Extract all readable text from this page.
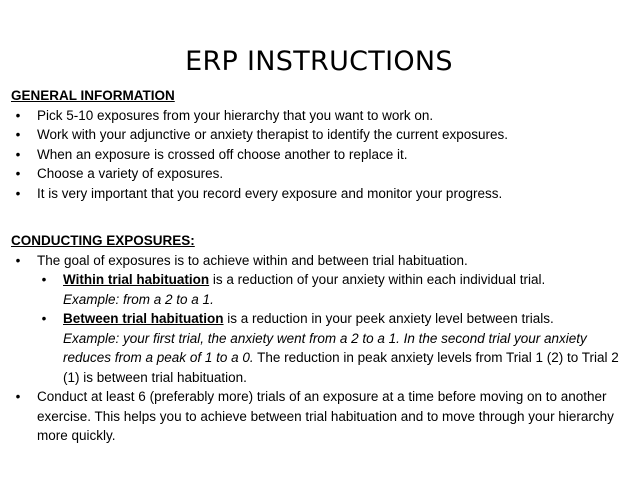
ERP INSTRUCTIONS
GENERAL INFORMATION
•	Pick 5-10 exposures from your hierarchy that you want to work on.
•	Work with your adjunctive or anxiety therapist to identify the current exposures.
•	When an exposure is crossed off choose another to replace it.
•	Choose a variety of exposures.
•	It is very important that you record every exposure and monitor your progress.
CONDUCTING EXPOSURES:
•	The goal of exposures is to achieve within and between trial habituation.
•	Within trial habituation is a reduction of your anxiety within each individual trial.
Example: from a 2 to a 1.
•	Between trial habituation is a reduction in your peek anxiety level between trials.
Example: your first trial, the anxiety went from a 2 to a 1. In the second trial your anxiety reduces from a peak of 1 to a 0. The reduction in peak anxiety levels from Trial 1 (2) to Trial 2 (1) is between trial habituation.
•	Conduct at least 6 (preferably more) trials of an exposure at a time before moving on to another exercise. This helps you to achieve between trial habituation and to move through your hierarchy more quickly.
